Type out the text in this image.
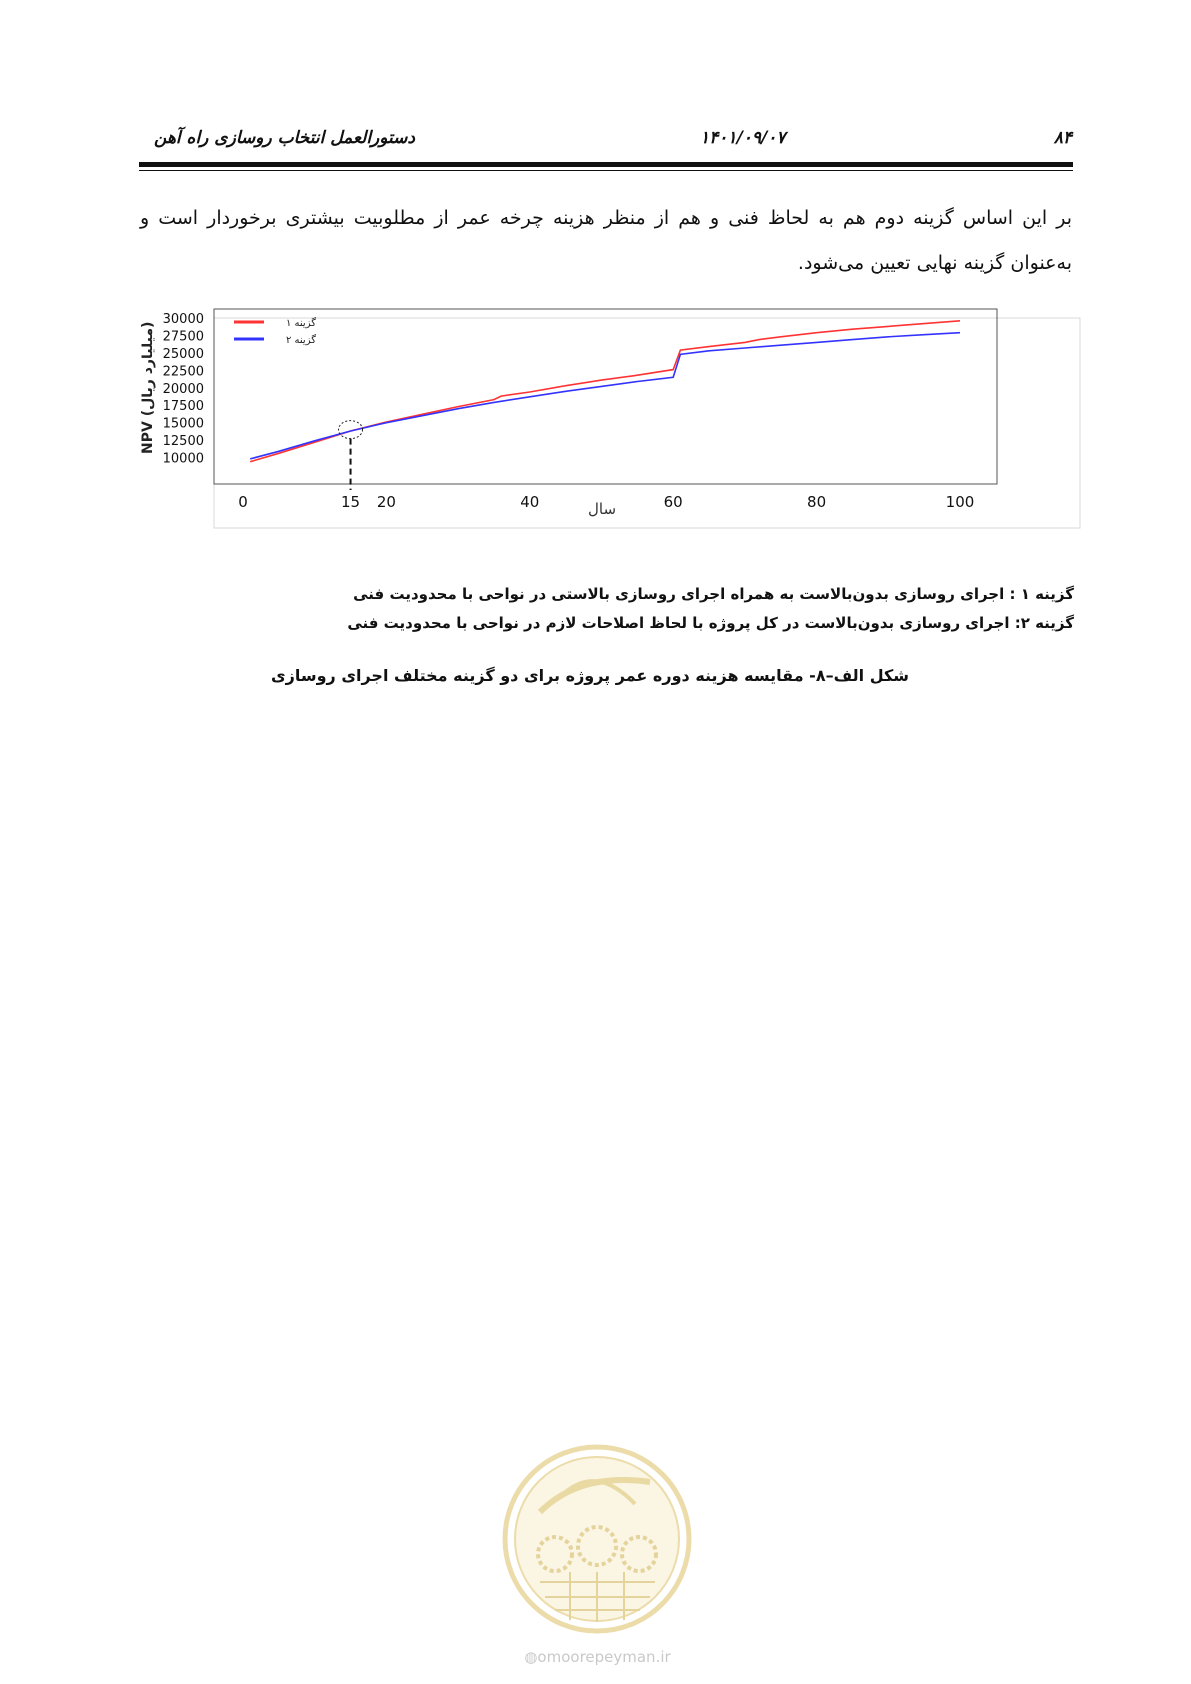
۸۴
۱۴۰۱/۰۹/۰۷
دستورالعمل انتخاب روسازی راه آهن
بر این اساس گزینه دوم هم به لحاظ فنی و هم از منظر هزینه چرخه عمر از مطلوبیت بیشتری برخوردار است و به‌عنوان گزینه نهایی تعیین می‌شود.
10000
12500
15000
17500
20000
22500
25000
27500
30000
0	15 20	40	60	80	100
NPV (میلیارد ریال)
سال
گزینه ۱
گزینه ۲
گزینه ۱ : اجرای روسازی بدون‌بالاست به همراه اجرای روسازی بالاستی در نواحی با محدودیت فنی
گزینه ۲: اجرای روسازی بدون‌بالاست در کل پروژه با لحاظ اصلاحات لازم در نواحی با محدودیت فنی
شکل الف–۸- مقایسه هزینه دوره عمر پروژه برای دو گزینه مختلف اجرای روسازی
◍omoorepeyman.ir
